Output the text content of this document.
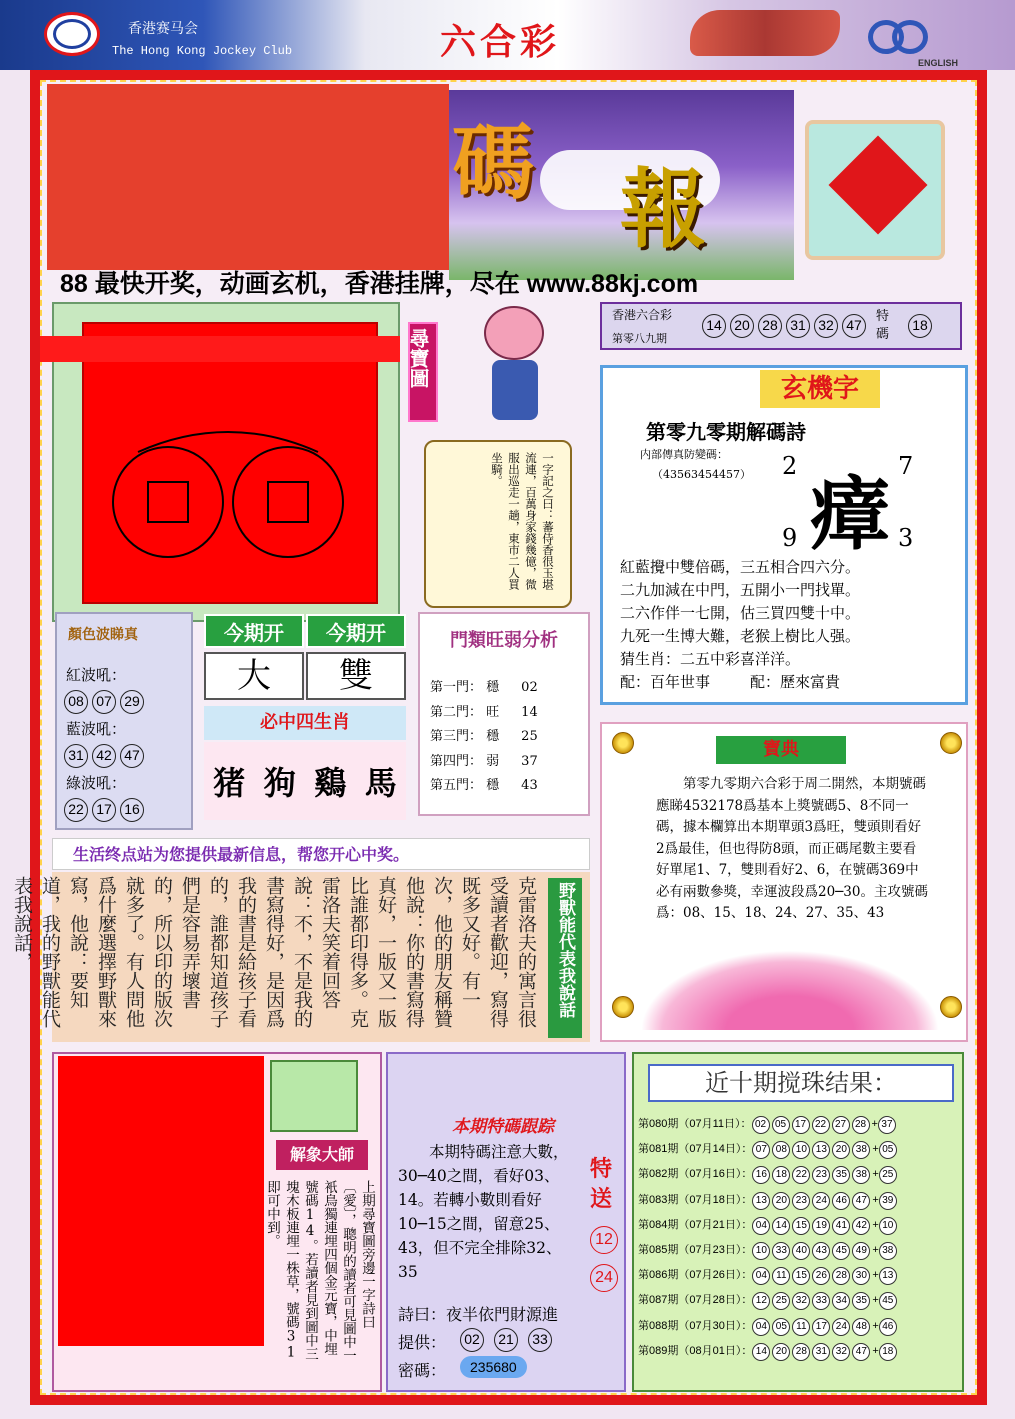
香港赛马会
The Hong Kong Jockey Club	六合彩	ENGLISH
碼 報
88 最快开奖，动画玄机，香港挂牌，尽在 www.88kj.com
尋寶圖
一字記之曰：蕃侍香很玉堪流連，百萬身家錢幾億，微服出巡走一趟，東市二人買坐騎。
香港六合彩
第零八九期
14 20 28 31 32 47
特碼
18
玄機字
第零九零期解碼詩
内部傳真防變碼：
（43563454457） 瘴
2	7
9	3
紅藍攪中雙倍碼，三五相合四六分。
二九加減在中門，五開小一門找單。
二六作伴一七開，估三買四雙十中。
九死一生博大難，老猴上樹比人强。
猜生肖：二五中彩喜洋洋。
配：百年世事	配：歷來富貴
顏色波睇真
紅波吼：
08 07 29
藍波吼：
31 42 47
綠波吼：
22 17 16
今期开	今期开
大	雙
必中四生肖
猪 狗 鷄 馬
門類旺弱分析
第一門： 穩 02
第二門： 旺 14
第三門： 穩 25
第四門： 弱 37
第五門： 穩 43
寶典
第零九零期六合彩于周二開然，本期號碼應睇4532178爲基本上獎號碼5、8不同一碼，據本欄算出本期單頭3爲旺，雙頭則看好2爲最佳，但也得防8頭，而正碼尾數主要看好單尾1、7，雙則看好2、6，在號碼369中必有兩數參獎，幸運波段爲20─30。主攻號碼爲：08、15、18、24、27、35、43
生活终点站为您提供最新信息，帮您开心中奖。
野獸能代表我說話
克雷洛夫的寓言很受讀者歡迎，寫得既多又好。有一次，他的朋友稱贊他說：你的書寫得真好，一版又一版比誰都印得多。克雷洛夫笑着回答說：不，不是我的書寫得好，是因爲我的書是給孩子看的，誰都知道孩子們是容易弄壞書的，所以印的版次就多了。有人問他爲什麼選擇野獸來寫，他說：要知道，我的野獸能代表我說話，
解象大師
上期尋寶圖旁邊一字詩曰〔愛〕，聰明的讀者可見圖中一衹鳥獨連埋四個金元寶，中埋號碼14。若讀者見到圖中三塊木板連埋一株草，號碼31即可中到。
本期特碼跟踪
本期特碼注意大數，30─40之間，看好03、14。若轉小數則看好10─15之間，留意25、43，但不完全排除32、35
特
送
12
24
詩曰：夜半依門財源進
提供：	02 21 33
密碼：	235680
近十期搅珠结果：
第080期（07月11日）： 02 05 17 22 27 28 + 37
第081期（07月14日）： 07 08 10 13 20 38 + 05
第082期（07月16日）： 16 18 22 23 35 38 + 25
第083期（07月18日）： 13 20 23 24 46 47 + 39
第084期（07月21日）： 04 14 15 19 41 42 + 10
第085期（07月23日）： 10 33 40 43 45 49 + 38
第086期（07月26日）： 04 11 15 26 28 30 + 13
第087期（07月28日）： 12 25 32 33 34 35 + 45
第088期（07月30日）： 04 05 11 17 24 48 + 46
第089期（08月01日）： 14 20 28 31 32 47 + 18
